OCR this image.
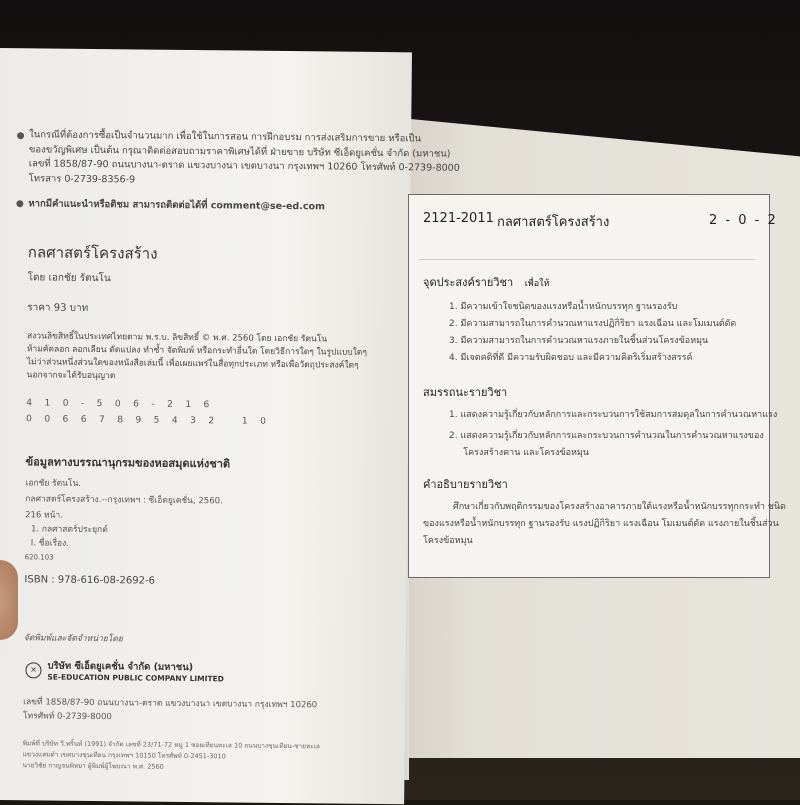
ในกรณีที่ต้องการซื้อเป็นจำนวนมาก เพื่อใช้ในการสอน การฝึกอบรม การส่งเสริมการขาย หรือเป็น
ของขวัญพิเศษ เป็นต้น กรุณาติดต่อสอบถามราคาพิเศษได้ที่ ฝ่ายขาย บริษัท ซีเอ็ดยูเคชั่น จำกัด (มหาชน)
เลขที่ 1858/87-90 ถนนบางนา-ตราด แขวงบางนา เขตบางนา กรุงเทพฯ 10260 โทรศัพท์ 0-2739-8000
โทรสาร 0-2739-8356-9
หากมีคำแนะนำหรือติชม สามารถติดต่อได้ที่ comment@se-ed.com
กลศาสตร์โครงสร้าง
โดย เอกชัย รัตนโน
ราคา 93 บาท
สงวนลิขสิทธิ์ในประเทศไทยตาม พ.ร.บ. ลิขสิทธิ์ © พ.ศ. 2560 โดย เอกชัย รัตนโน
ห้ามคัดลอก ลอกเลียน ดัดแปลง ทำซ้ำ จัดพิมพ์ หรือกระทำอื่นใด โดยวิธีการใดๆ ในรูปแบบใดๆ
ไม่ว่าส่วนหนึ่งส่วนใดของหนังสือเล่มนี้ เพื่อเผยแพร่ในสื่อทุกประเภท หรือเพื่อวัตถุประสงค์ใดๆ
นอกจากจะได้รับอนุญาต
410-506-216
00667895432 10
ข้อมูลทางบรรณานุกรมของหอสมุดแห่งชาติ
เอกชัย รัตนโน.
กลศาสตร์โครงสร้าง.--กรุงเทพฯ : ซีเอ็ดยูเคชั่น, 2560.
216 หน้า.
1. กลศาสตร์ประยุกต์
I. ชื่อเรื่อง.
620.103
ISBN : 978-616-08-2692-6
จัดพิมพ์และจัดจำหน่ายโดย
✕	บริษัท ซีเอ็ดยูเคชั่น จำกัด (มหาชน)
SE-EDUCATION PUBLIC COMPANY LIMITED
เลขที่ 1858/87-90 ถนนบางนา-ตราด แขวงบางนา เขตบางนา กรุงเทพฯ 10260
โทรศัพท์ 0-2739-8000
พิมพ์ที่ บริษัท วี.พริ้นท์ (1991) จำกัด เลขที่ 23/71-72 หมู่ 1 ซอยเทียนทะเล 10 ถนนบางขุนเทียน-ชายทะเล
แขวงแสมดำ เขตบางขุนเทียน กรุงเทพฯ 10150 โทรศัพท์ 0-2451-3010
นายวิชัย กาญจนพิทยา ผู้พิมพ์ผู้โฆษณา พ.ศ. 2560
2121-2011 กลศาสตร์โครงสร้าง	2 - 0 - 2
จุดประสงค์รายวิชา เพื่อให้
1. มีความเข้าใจชนิดของแรงหรือน้ำหนักบรรทุก ฐานรองรับ
2. มีความสามารถในการคำนวณหาแรงปฏิกิริยา แรงเฉือน และโมเมนต์ดัด
3. มีความสามารถในการคำนวณหาแรงภายในชิ้นส่วนโครงข้อหมุน
4. มีเจตคติที่ดี มีความรับผิดชอบ และมีความคิดริเริ่มสร้างสรรค์
สมรรถนะรายวิชา
1. แสดงความรู้เกี่ยวกับหลักการและกระบวนการใช้สมการสมดุลในการคำนวณหาแรง
2. แสดงความรู้เกี่ยวกับหลักการและกระบวนการคำนวณในการคำนวณหาแรงของ
โครงสร้างคาน และโครงข้อหมุน
คำอธิบายรายวิชา
ศึกษาเกี่ยวกับพฤติกรรมของโครงสร้างอาคารภายใต้แรงหรือน้ำหนักบรรทุกกระทำ ชนิด
ของแรงหรือน้ำหนักบรรทุก ฐานรองรับ แรงปฏิกิริยา แรงเฉือน โมเมนต์ดัด แรงภายในชิ้นส่วน
โครงข้อหมุน
